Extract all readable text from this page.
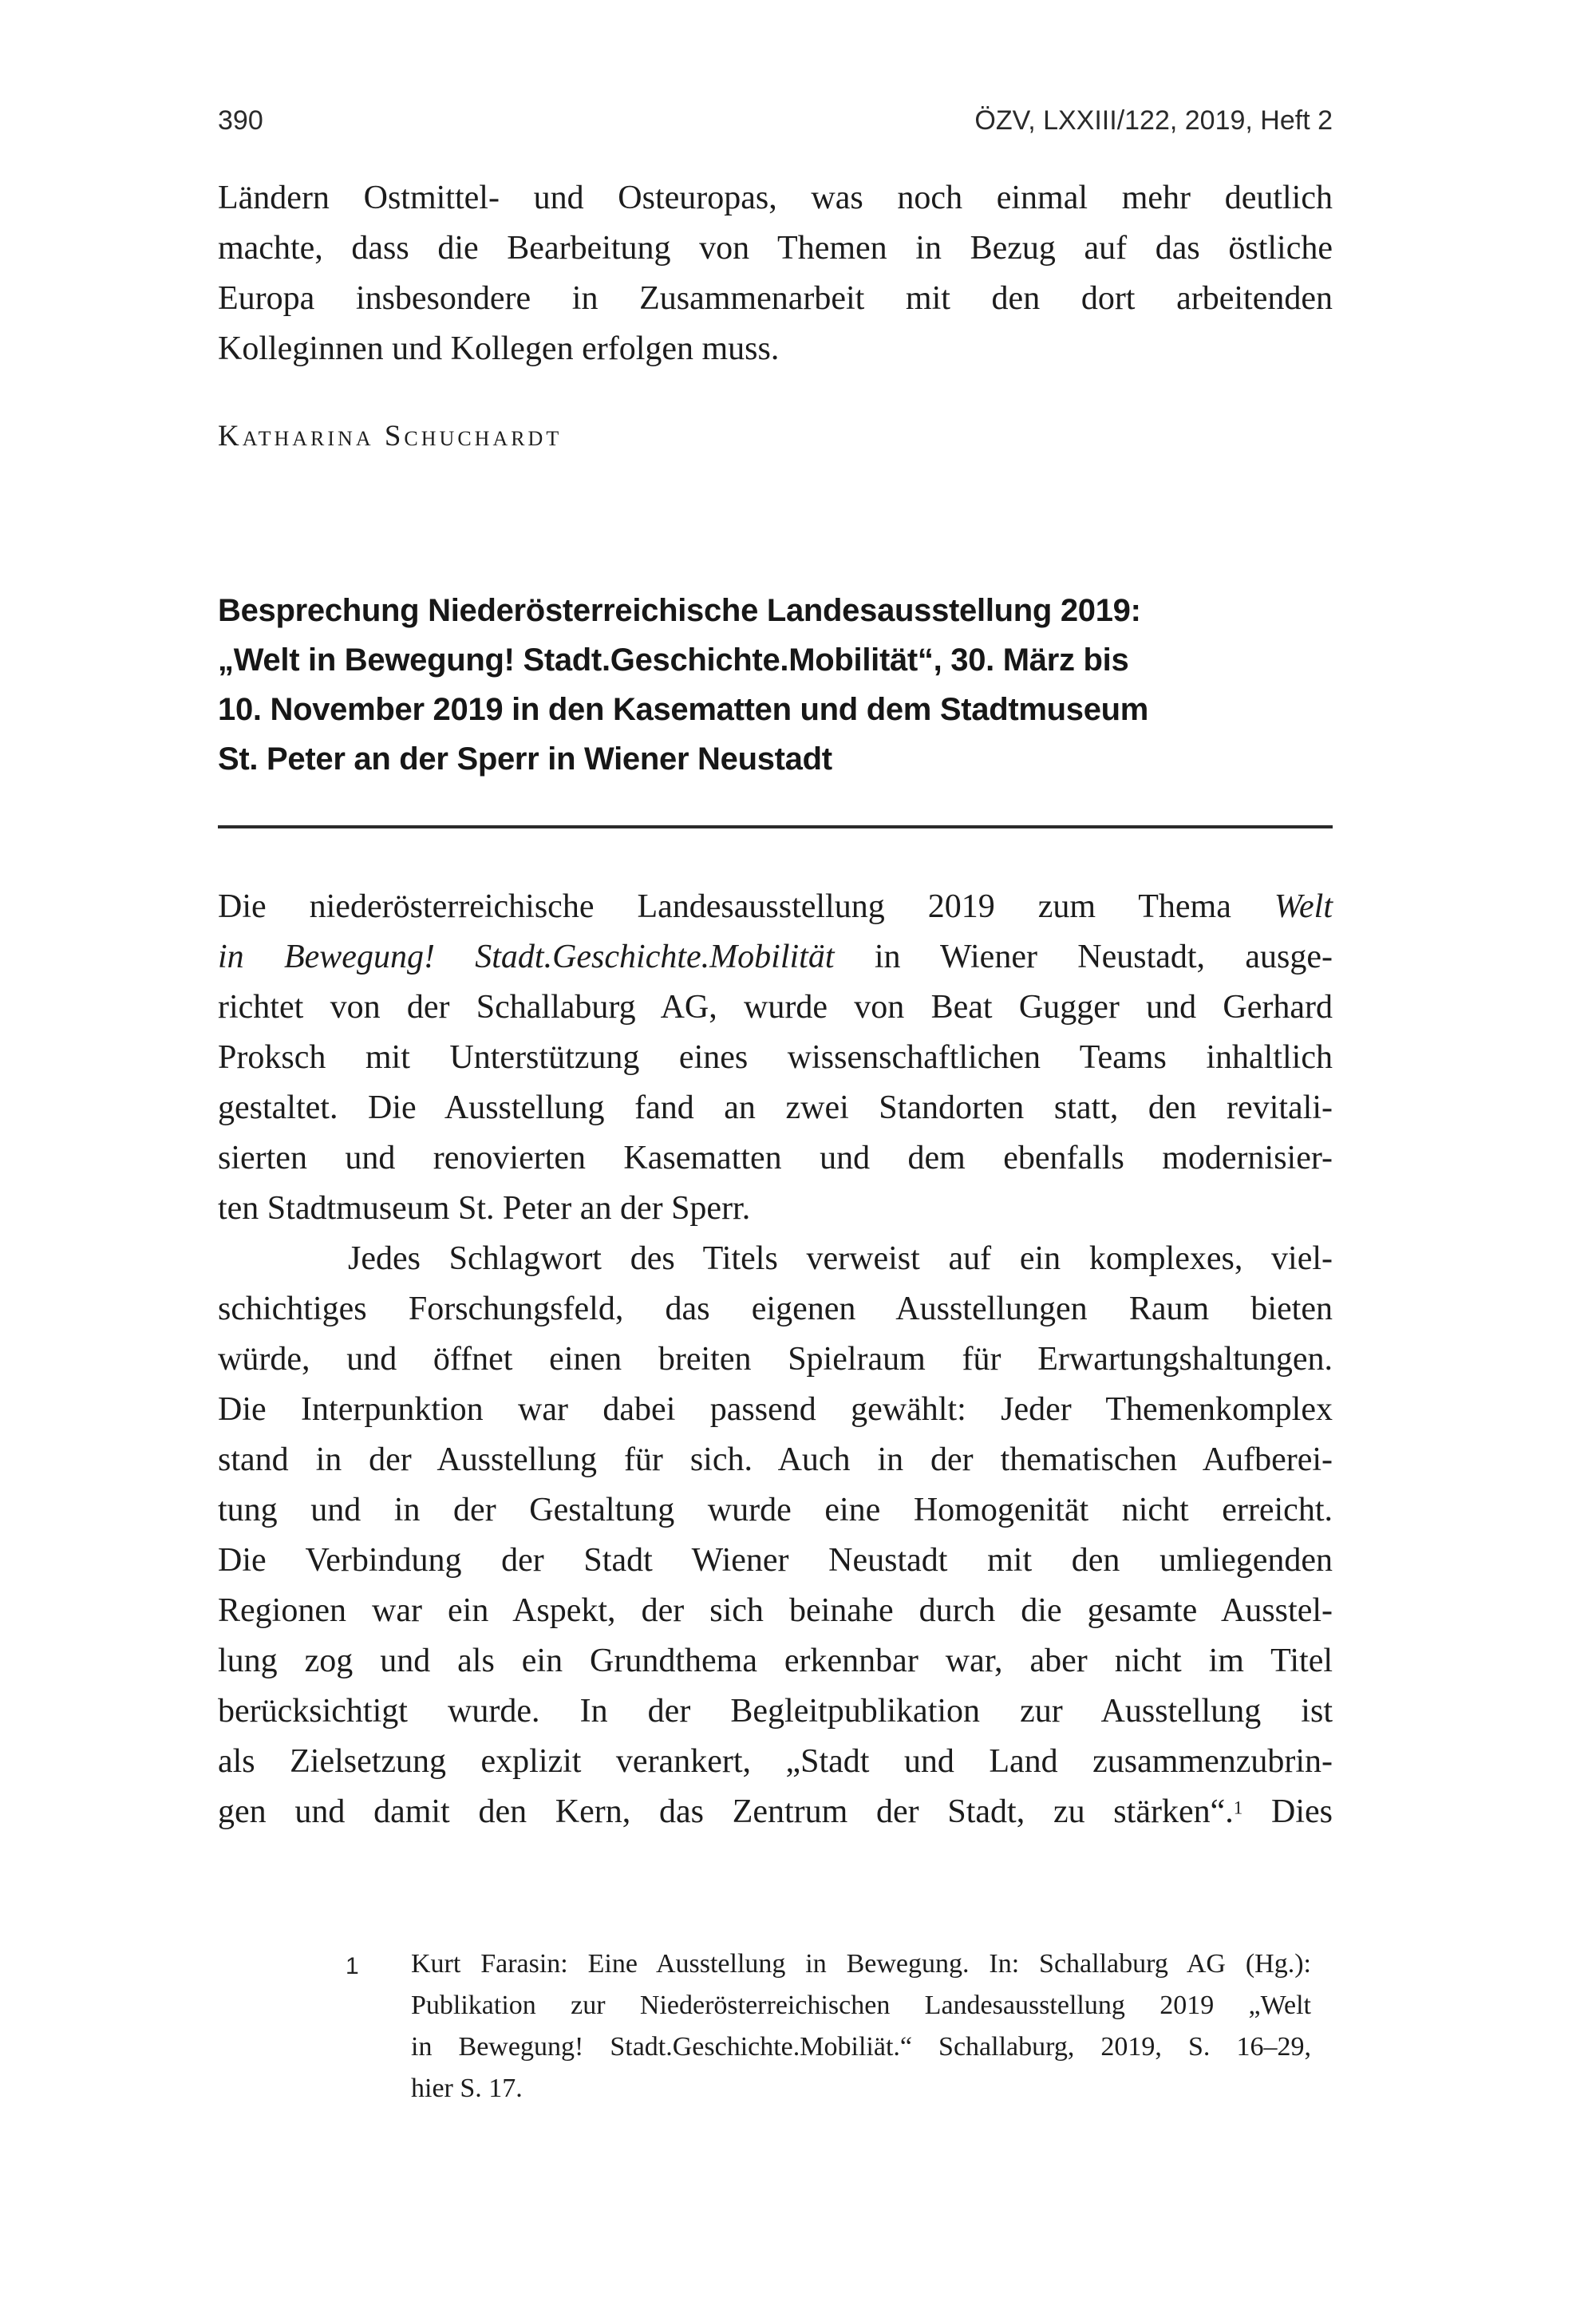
390	ÖZV, LXXIII/122, 2019, Heft 2
Ländern Ostmittel- und Osteuropas, was noch einmal mehr deutlich
machte, dass die Bearbeitung von Themen in Bezug auf das östliche
Europa insbesondere in Zusammenarbeit mit den dort arbeitenden
Kolleginnen und Kollegen erfolgen muss.
Katharina Schuchardt
Besprechung Niederösterreichische Landesausstellung 2019:
„Welt in Bewegung! Stadt.Geschichte.Mobilität“, 30. März bis
10. November 2019 in den Kasematten und dem Stadtmuseum
St. Peter an der Sperr in Wiener Neustadt
Die niederösterreichische Landesausstellung 2019 zum Thema Welt
in Bewegung! Stadt.Geschichte.Mobilität in Wiener Neustadt, ausge-
richtet von der Schallaburg AG, wurde von Beat Gugger und Gerhard
Proksch mit Unterstützung eines wissenschaftlichen Teams inhaltlich
gestaltet. Die Ausstellung fand an zwei Standorten statt, den revitali-
sierten und renovierten Kasematten und dem ebenfalls modernisier-
ten Stadtmuseum St. Peter an der Sperr.
Jedes Schlagwort des Titels verweist auf ein komplexes, viel-
schichtiges Forschungsfeld, das eigenen Ausstellungen Raum bieten
würde, und öffnet einen breiten Spielraum für Erwartungshaltungen.
Die Interpunktion war dabei passend gewählt: Jeder Themenkomplex
stand in der Ausstellung für sich. Auch in der thematischen Aufberei-
tung und in der Gestaltung wurde eine Homogenität nicht erreicht.
Die Verbindung der Stadt Wiener Neustadt mit den umliegenden
Regionen war ein Aspekt, der sich beinahe durch die gesamte Ausstel-
lung zog und als ein Grundthema erkennbar war, aber nicht im Titel
berücksichtigt wurde. In der Begleitpublikation zur Ausstellung ist
als Zielsetzung explizit verankert, „Stadt und Land zusammenzubrin-
gen und damit den Kern, das Zentrum der Stadt, zu stärken“.$^1$ Dies
1 Kurt Farasin: Eine Ausstellung in Bewegung. In: Schallaburg AG (Hg.):
Publikation zur Niederösterreichischen Landesausstellung 2019 „Welt
in Bewegung! Stadt.Geschichte.Mobiliät.“ Schallaburg, 2019, S. 16–29,
hier S. 17.
